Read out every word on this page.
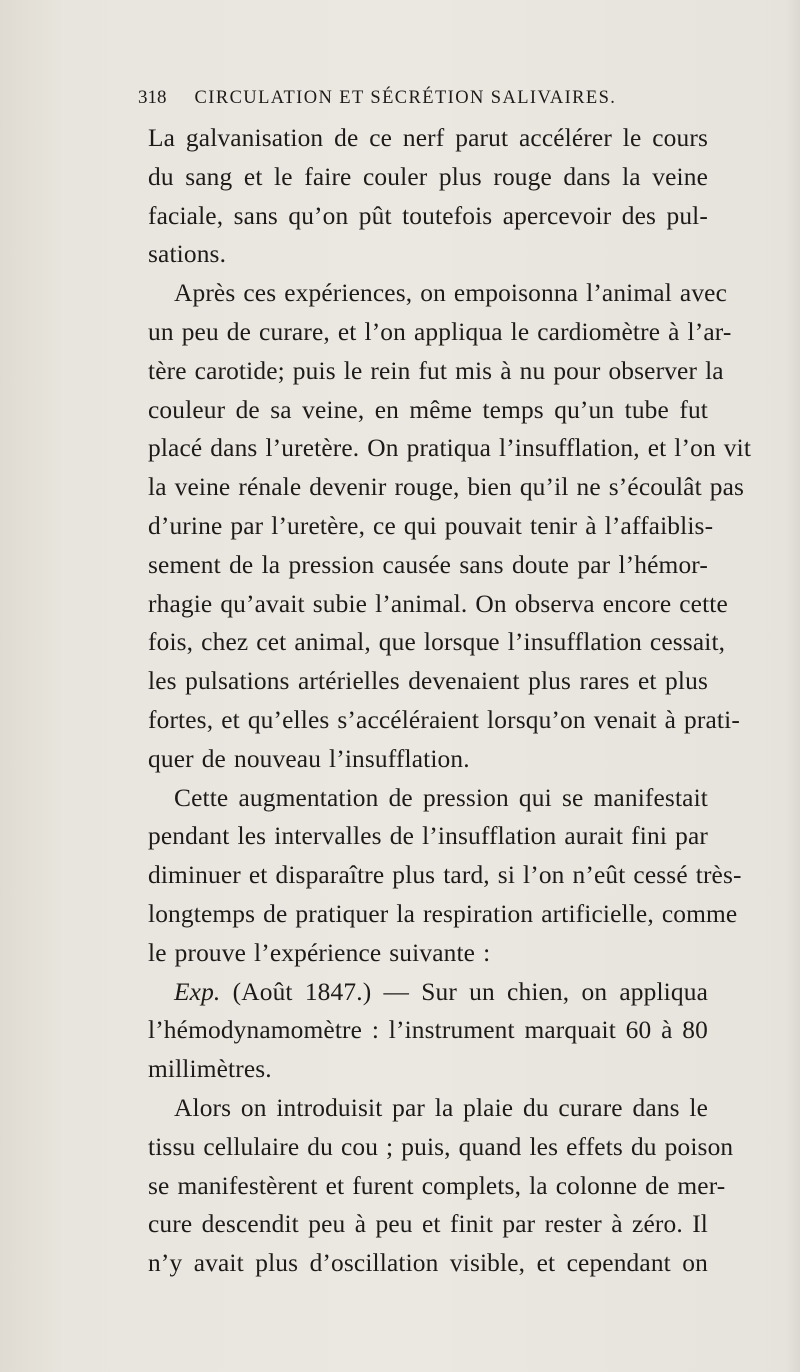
318 CIRCULATION ET SÉCRÉTION SALIVAIRES.
La galvanisation de ce nerf parut accélérer le cours
du sang et le faire couler plus rouge dans la veine
faciale, sans qu’on pût toutefois apercevoir des pul-
sations.
Après ces expériences, on empoisonna l’animal avec
un peu de curare, et l’on appliqua le cardiomètre à l’ar-
tère carotide; puis le rein fut mis à nu pour observer la
couleur de sa veine, en même temps qu’un tube fut
placé dans l’uretère. On pratiqua l’insufflation, et l’on vit
la veine rénale devenir rouge, bien qu’il ne s’écoulât pas
d’urine par l’uretère, ce qui pouvait tenir à l’affaiblis-
sement de la pression causée sans doute par l’hémor-
rhagie qu’avait subie l’animal. On observa encore cette
fois, chez cet animal, que lorsque l’insufflation cessait,
les pulsations artérielles devenaient plus rares et plus
fortes, et qu’elles s’accéléraient lorsqu’on venait à prati-
quer de nouveau l’insufflation.
Cette augmentation de pression qui se manifestait
pendant les intervalles de l’insufflation aurait fini par
diminuer et disparaître plus tard, si l’on n’eût cessé très-
longtemps de pratiquer la respiration artificielle, comme
le prouve l’expérience suivante :
Exp. (Août 1847.) — Sur un chien, on appliqua
l’hémodynamomètre : l’instrument marquait 60 à 80
millimètres.
Alors on introduisit par la plaie du curare dans le
tissu cellulaire du cou ; puis, quand les effets du poison
se manifestèrent et furent complets, la colonne de mer-
cure descendit peu à peu et finit par rester à zéro. Il
n’y avait plus d’oscillation visible, et cependant on
